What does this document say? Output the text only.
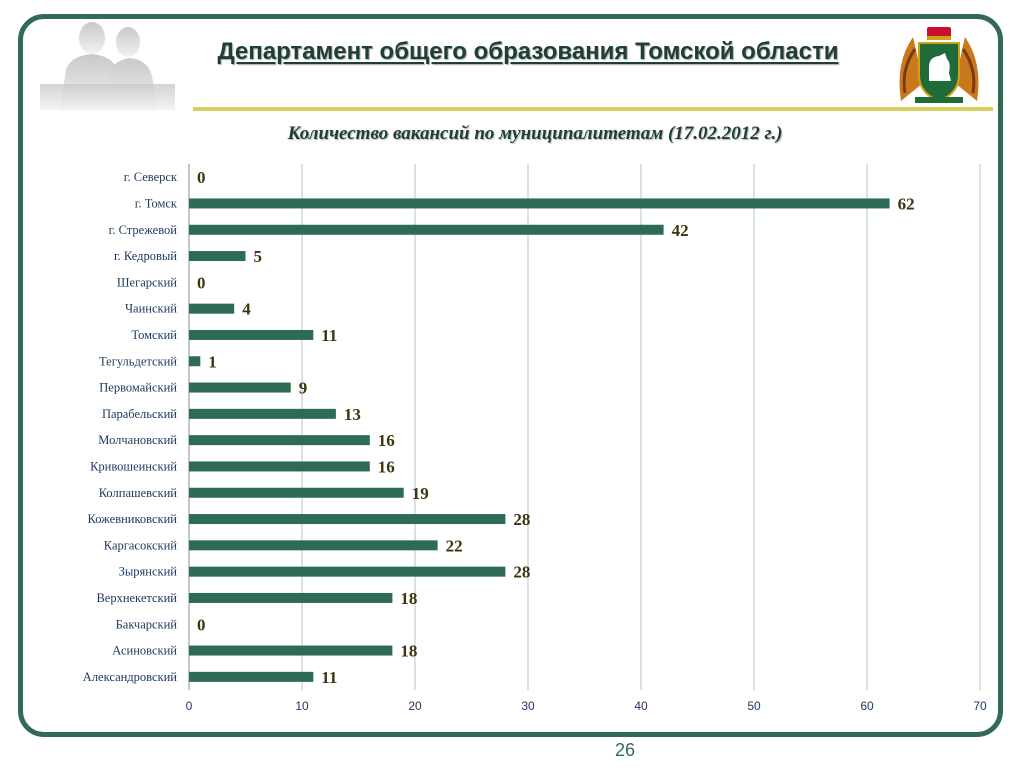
Департамент общего образования Томской области
Количество вакансий по муниципалитетам (17.02.2012 г.)
0	10	20	30	40	50	60	70
г. Северск 0
г. Томск	62
г. Стрежевой	42
г. Кедровый	5
Шегарский 0
Чаинский	4
Томский	11
Тегульдетский 1
Первомайский	9
Парабельский	13
Молчановский	16
Кривошеинский	16
Колпашевский	19
Кожевниковский	28
Каргасокский	22
Зырянский	28
Верхнекетский	18
Бакчарский 0
Асиновский	18
Александровский	11
26
